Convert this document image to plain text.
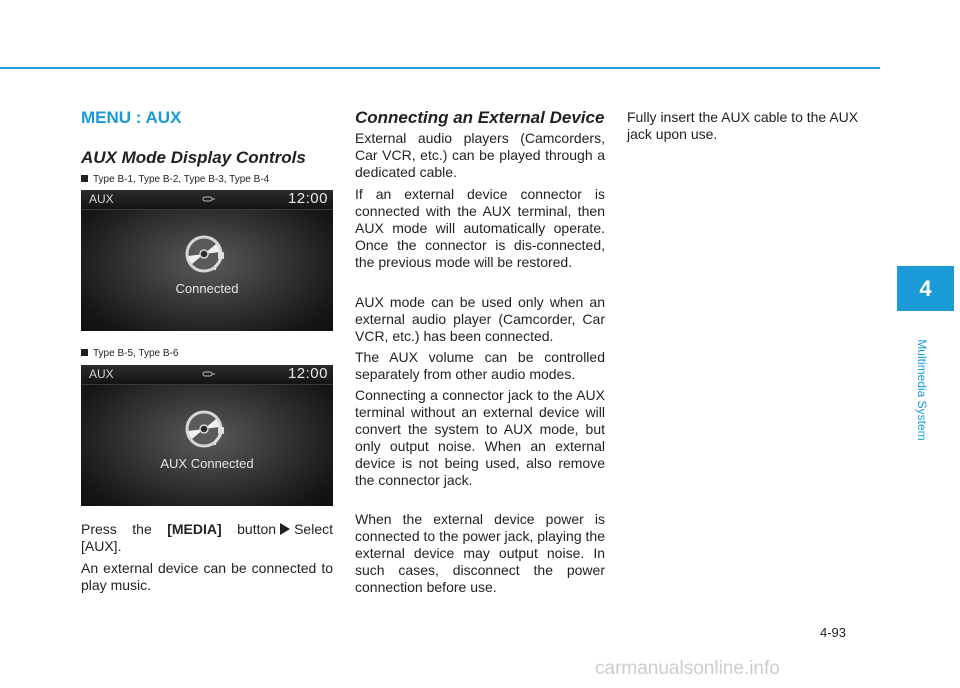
MENU : AUX
AUX Mode Display Controls
Type B-1, Type B-2, Type B-3, Type B-4
AUX	12:00
Connected
Type B-5, Type B-6
AUX	12:00
AUX Connected

Press the [MEDIA] button Select [AUX].

An external device can be connected to play music.

Connecting an External Device

External audio players (Camcorders, Car VCR, etc.) can be played through a dedicated cable.

If an external device connector is connected with the AUX terminal, then AUX mode will automatically operate. Once the connector is dis-connected, the previous mode will be restored.

AUX mode can be used only when an external audio player (Camcorder, Car VCR, etc.) has been connected.

The AUX volume can be controlled separately from other audio modes.

Connecting a connector jack to the AUX terminal without an external device will convert the system to AUX mode, but only output noise. When an external device is not being used, also remove the connector jack.

When the external device power is connected to the power jack, playing the external device may output noise. In such cases, disconnect the power connection before use.

Fully insert the AUX cable to the AUX jack upon use.

4
Multimedia System
4-93
carmanualsonline.info
